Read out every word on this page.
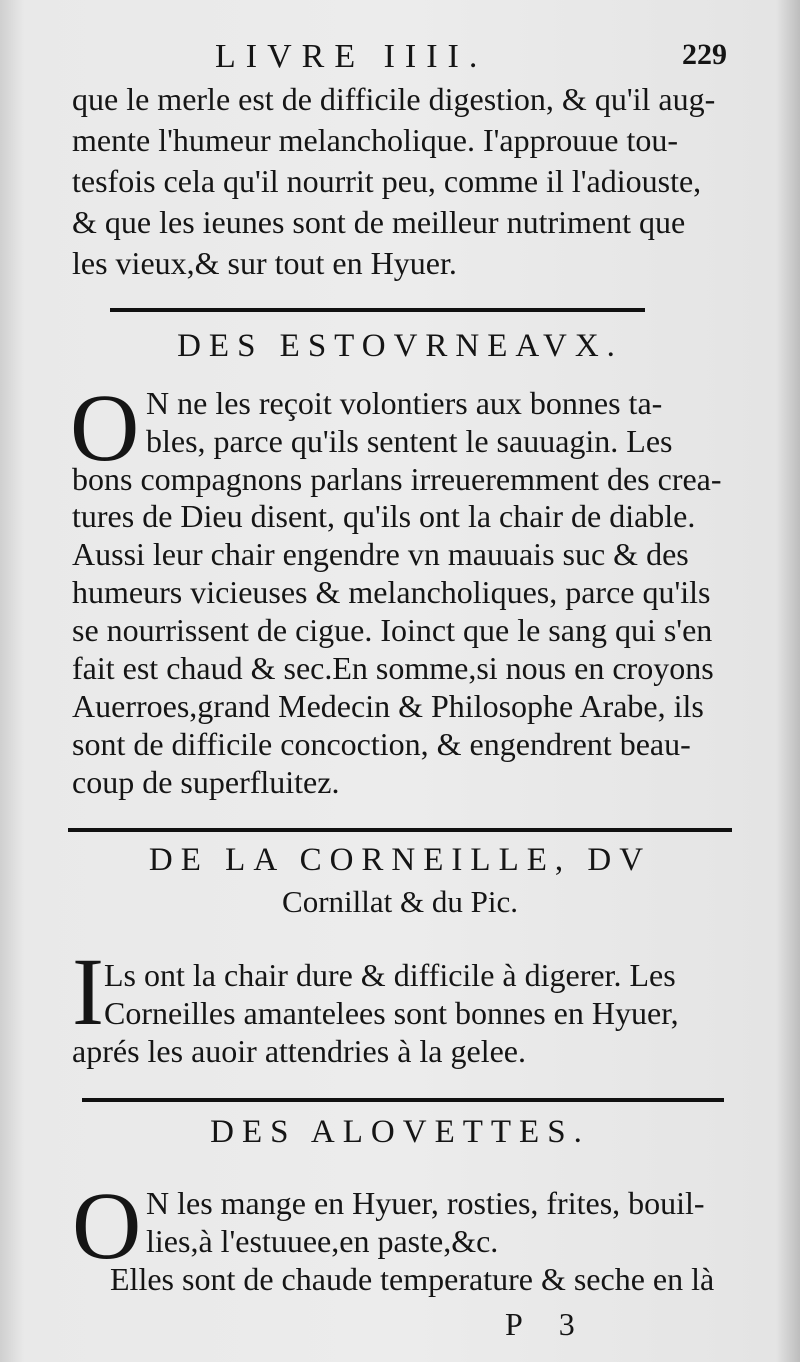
LIVRE IIII.	229
que le merle est de difficile digestion, & qu'il aug-
mente l'humeur melancholique. I'approuue tou-
tesfois cela qu'il nourrit peu, comme il l'adiouste,
& que les ieunes sont de meilleur nutriment que
les vieux,& sur tout en Hyuer.
DES ESTOVRNEAVX.
O N ne les reçoit volontiers aux bonnes ta-
bles, parce qu'ils sentent le sauuagin. Les
bons compagnons parlans irreueremment des crea-
tures de Dieu disent, qu'ils ont la chair de diable.
Aussi leur chair engendre vn mauuais suc & des
humeurs vicieuses & melancholiques, parce qu'ils
se nourrissent de cigue. Ioinct que le sang qui s'en
fait est chaud & sec.En somme,si nous en croyons
Auerroes,grand Medecin & Philosophe Arabe, ils
sont de difficile concoction, & engendrent beau-
coup de superfluitez.
DE LA CORNEILLE, DV
Cornillat & du Pic.
I Ls ont la chair dure & difficile à digerer. Les
Corneilles amantelees sont bonnes en Hyuer,
aprés les auoir attendries à la gelee.
DES ALOVETTES.
O N les mange en Hyuer, rosties, frites, bouil-
lies,à l'estuuee,en paste,&c.
Elles sont de chaude temperature & seche en là
P 3
